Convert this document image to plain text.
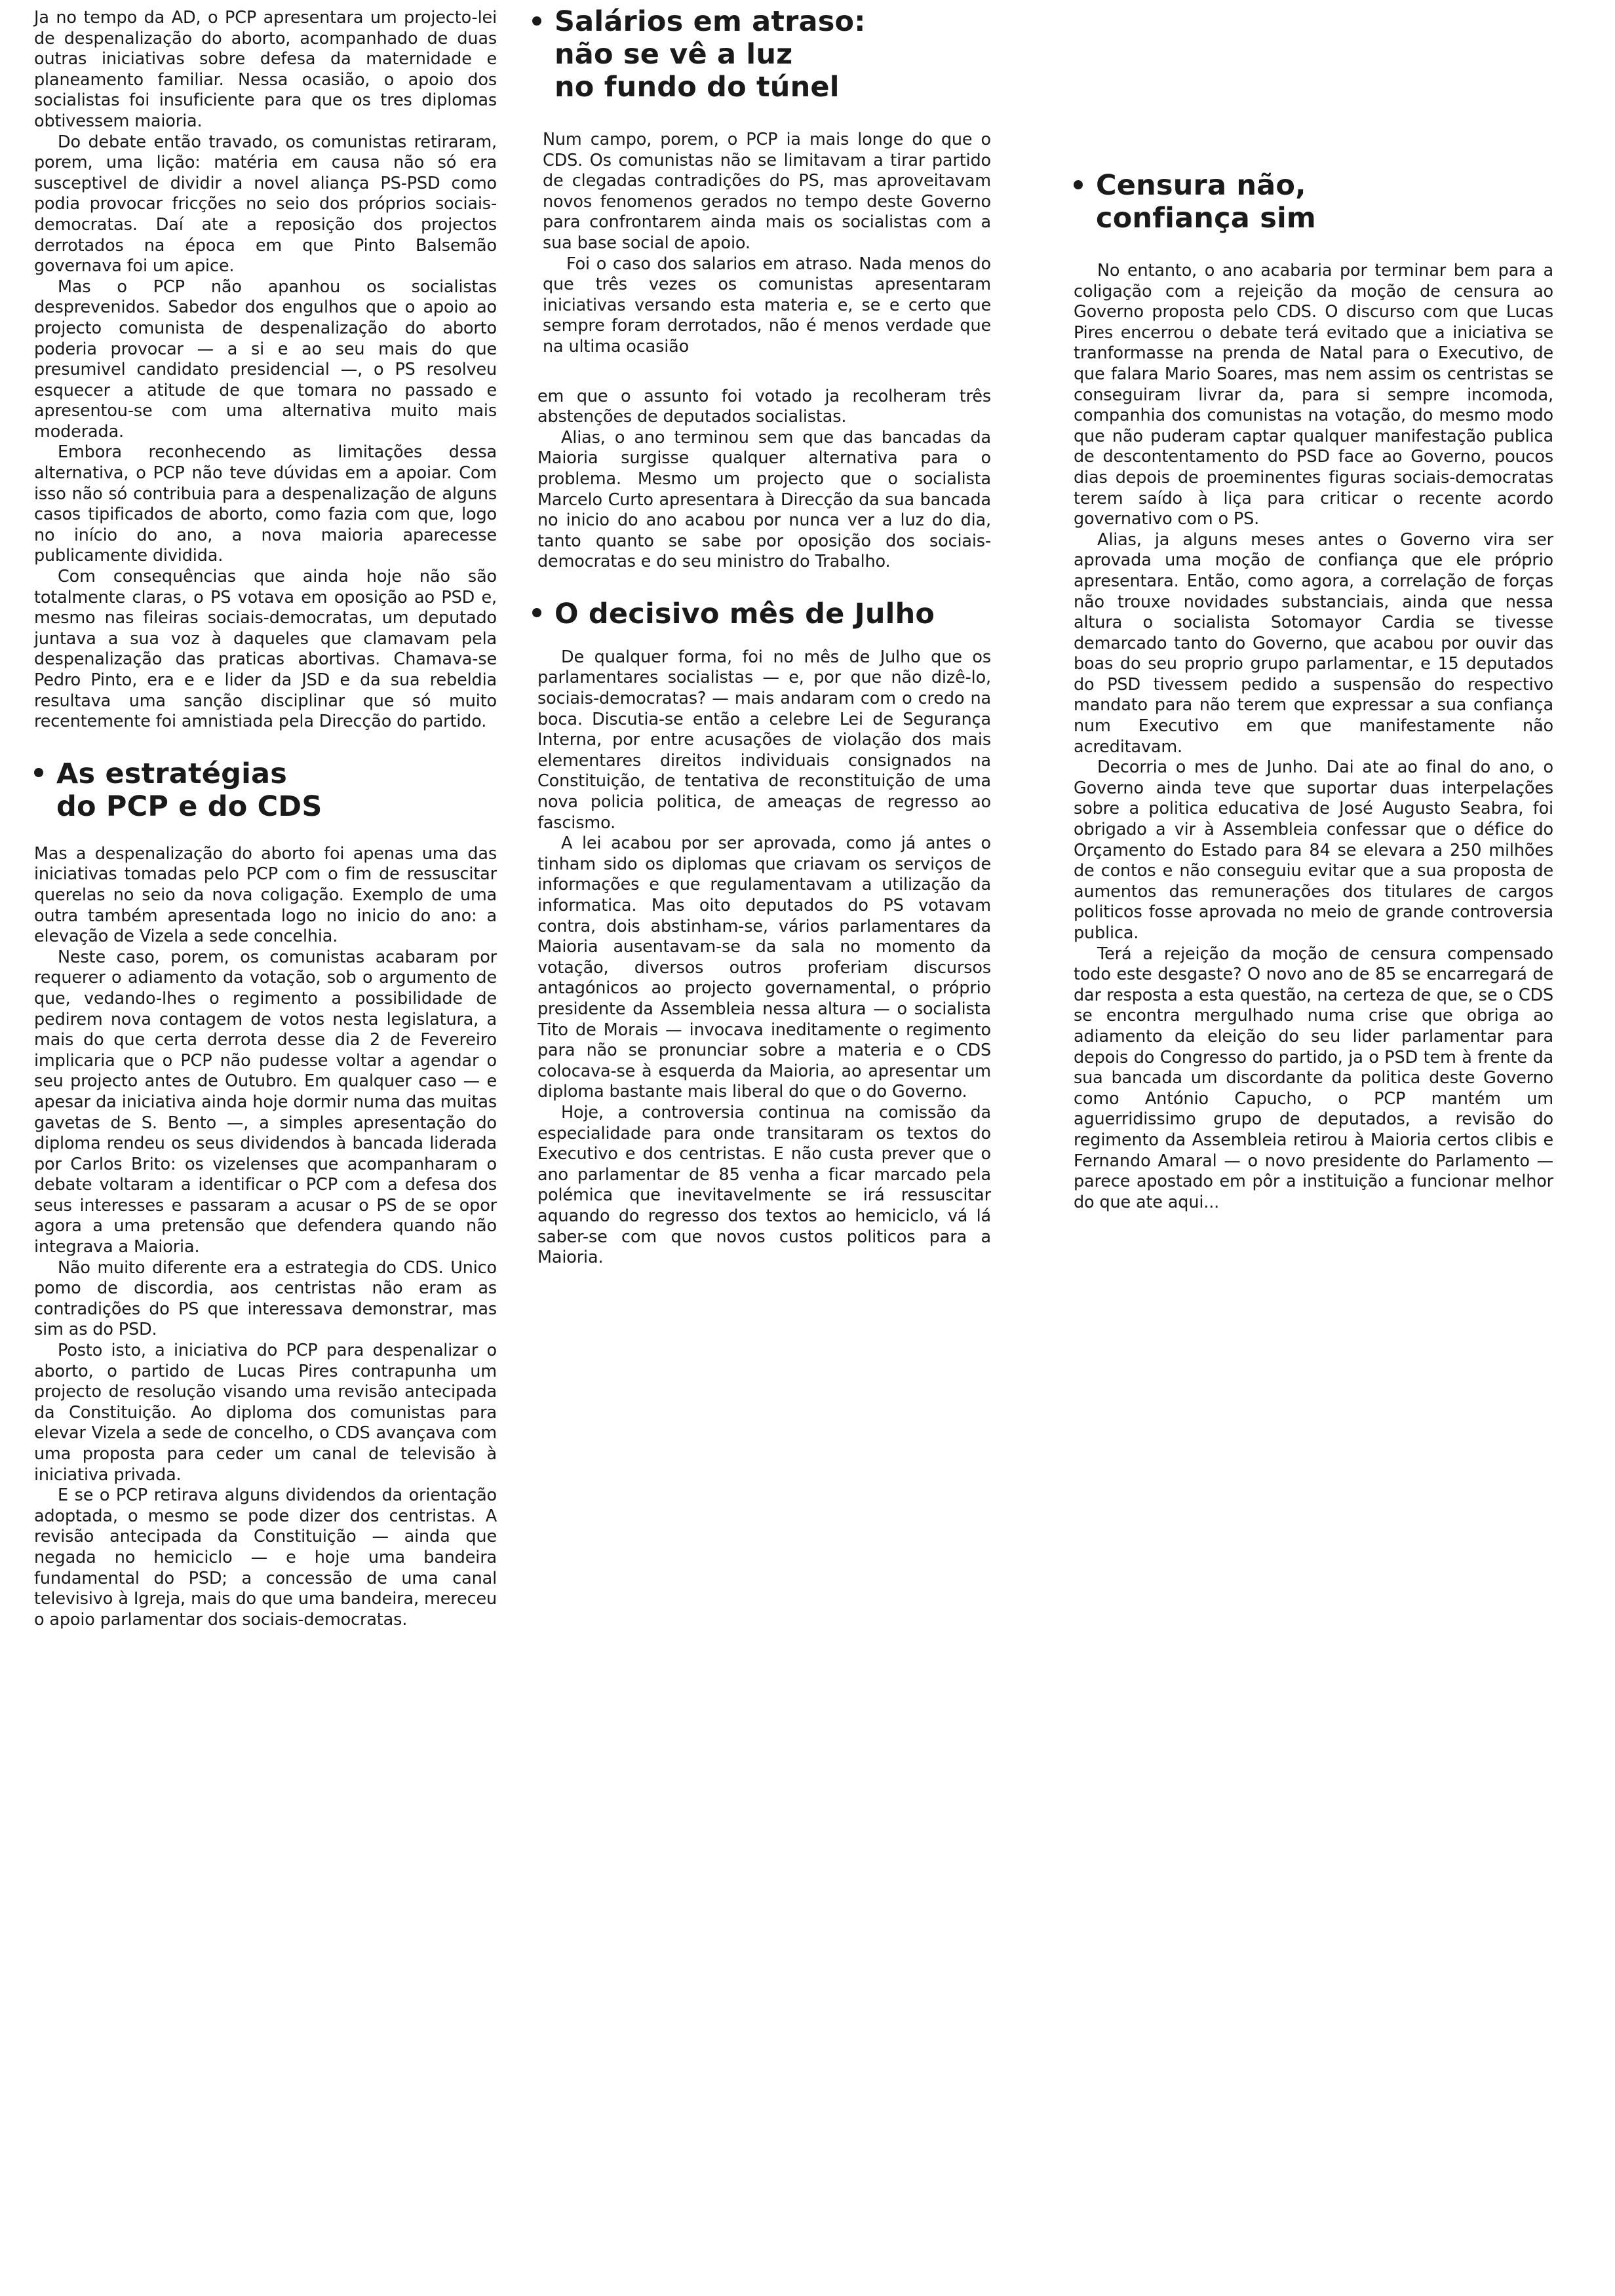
Ja no tempo da AD, o PCP apresentara um projecto-lei de despenalização do aborto, acompanhado de duas outras iniciativas sobre defesa da maternidade e planeamento familiar. Nessa ocasião, o apoio dos socialistas foi insuficiente para que os tres diplomas obtivessem maioria.

Do debate então travado, os comunistas retiraram, porem, uma lição: matéria em causa não só era susceptivel de dividir a novel aliança PS-PSD como podia provocar fricções no seio dos próprios sociais-democratas. Daí ate a reposição dos projectos derrotados na época em que Pinto Balsemão governava foi um apice.

Mas o PCP não apanhou os socialistas desprevenidos. Sabedor dos engulhos que o apoio ao projecto comunista de despenalização do aborto poderia provocar — a si e ao seu mais do que presumivel candidato presidencial —, o PS resolveu esquecer a atitude de que tomara no passado e apresentou-se com uma alternativa muito mais moderada.

Embora reconhecendo as limitações dessa alternativa, o PCP não teve dúvidas em a apoiar. Com isso não só contribuia para a despenalização de alguns casos tipificados de aborto, como fazia com que, logo no início do ano, a nova maioria aparecesse publicamente dividida.

Com consequências que ainda hoje não são totalmente claras, o PS votava em oposição ao PSD e, mesmo nas fileiras sociais-democratas, um deputado juntava a sua voz à daqueles que clamavam pela despenalização das praticas abortivas. Chamava-se Pedro Pinto, era e e lider da JSD e da sua rebeldia resultava uma sanção disciplinar que só muito recentemente foi amnistiada pela Direcção do partido.

As estratégias
do PCP e do CDS

Mas a despenalização do aborto foi apenas uma das iniciativas tomadas pelo PCP com o fim de ressuscitar querelas no seio da nova coligação. Exemplo de uma outra também apresentada logo no inicio do ano: a elevação de Vizela a sede concelhia.

Neste caso, porem, os comunistas acabaram por requerer o adiamento da votação, sob o argumento de que, vedando-lhes o regimento a possibilidade de pedirem nova contagem de votos nesta legislatura, a mais do que certa derrota desse dia 2 de Fevereiro implicaria que o PCP não pudesse voltar a agendar o seu projecto antes de Outubro. Em qualquer caso — e apesar da iniciativa ainda hoje dormir numa das muitas gavetas de S. Bento —, a simples apresentação do diploma rendeu os seus dividendos à bancada liderada por Carlos Brito: os vizelenses que acompanharam o debate voltaram a identificar o PCP com a defesa dos seus interesses e passaram a acusar o PS de se opor agora a uma pretensão que defendera quando não integrava a Maioria.

Não muito diferente era a estrategia do CDS. Unico pomo de discordia, aos centristas não eram as contradições do PS que interessava demonstrar, mas sim as do PSD.

Posto isto, a iniciativa do PCP para despenalizar o aborto, o partido de Lucas Pires contrapunha um projecto de resolução visando uma revisão antecipada da Constituição. Ao diploma dos comunistas para elevar Vizela a sede de concelho, o CDS avançava com uma proposta para ceder um canal de televisão à iniciativa privada.

E se o PCP retirava alguns dividendos da orientação adoptada, o mesmo se pode dizer dos centristas. A revisão antecipada da Constituição — ainda que negada no hemiciclo — e hoje uma bandeira fundamental do PSD; a concessão de uma canal televisivo à Igreja, mais do que uma bandeira, mereceu o apoio parlamentar dos sociais-democratas.

Salários em atraso:
não se vê a luz
no fundo do túnel

Num campo, porem, o PCP ia mais longe do que o CDS. Os comunistas não se limitavam a tirar partido de clegadas contradições do PS, mas aproveitavam novos fenomenos gerados no tempo deste Governo para confrontarem ainda mais os socialistas com a sua base social de apoio.

Foi o caso dos salarios em atraso. Nada menos do que três vezes os comunistas apresentaram iniciativas versando esta materia e, se e certo que sempre foram derrotados, não é menos verdade que na ultima ocasião

em que o assunto foi votado ja recolheram três abstenções de deputados socialistas.

Alias, o ano terminou sem que das bancadas da Maioria surgisse qualquer alternativa para o problema. Mesmo um projecto que o socialista Marcelo Curto apresentara à Direcção da sua bancada no inicio do ano acabou por nunca ver a luz do dia, tanto quanto se sabe por oposição dos sociais-democratas e do seu ministro do Trabalho.

O decisivo mês de Julho

De qualquer forma, foi no mês de Julho que os parlamentares socialistas — e, por que não dizê-lo, sociais-democratas? — mais andaram com o credo na boca. Discutia-se então a celebre Lei de Segurança Interna, por entre acusações de violação dos mais elementares direitos individuais consignados na Constituição, de tentativa de reconstituição de uma nova policia politica, de ameaças de regresso ao fascismo.

A lei acabou por ser aprovada, como já antes o tinham sido os diplomas que criavam os serviços de informações e que regulamentavam a utilização da informatica. Mas oito deputados do PS votavam contra, dois abstinham-se, vários parlamentares da Maioria ausentavam-se da sala no momento da votação, diversos outros proferiam discursos antagónicos ao projecto governamental, o próprio presidente da Assembleia nessa altura — o socialista Tito de Morais — invocava ineditamente o regimento para não se pronunciar sobre a materia e o CDS colocava-se à esquerda da Maioria, ao apresentar um diploma bastante mais liberal do que o do Governo.

Hoje, a controversia continua na comissão da especialidade para onde transitaram os textos do Executivo e dos centristas. E não custa prever que o ano parlamentar de 85 venha a ficar marcado pela polémica que inevitavelmente se irá ressuscitar aquando do regresso dos textos ao hemiciclo, vá lá saber-se com que novos custos politicos para a Maioria.

Censura não,
confiança sim

No entanto, o ano acabaria por terminar bem para a coligação com a rejeição da moção de censura ao Governo proposta pelo CDS. O discurso com que Lucas Pires encerrou o debate terá evitado que a iniciativa se tranformasse na prenda de Natal para o Executivo, de que falara Mario Soares, mas nem assim os centristas se conseguiram livrar da, para si sempre incomoda, companhia dos comunistas na votação, do mesmo modo que não puderam captar qualquer manifestação publica de descontentamento do PSD face ao Governo, poucos dias depois de proeminentes figuras sociais-democratas terem saído à liça para criticar o recente acordo governativo com o PS.

Alias, ja alguns meses antes o Governo vira ser aprovada uma moção de confiança que ele próprio apresentara. Então, como agora, a correlação de forças não trouxe novidades substanciais, ainda que nessa altura o socialista Sotomayor Cardia se tivesse demarcado tanto do Governo, que acabou por ouvir das boas do seu proprio grupo parlamentar, e 15 deputados do PSD tivessem pedido a suspensão do respectivo mandato para não terem que expressar a sua confiança num Executivo em que manifestamente não acreditavam.

Decorria o mes de Junho. Dai ate ao final do ano, o Governo ainda teve que suportar duas interpelações sobre a politica educativa de José Augusto Seabra, foi obrigado a vir à Assembleia confessar que o défice do Orçamento do Estado para 84 se elevara a 250 milhões de contos e não conseguiu evitar que a sua proposta de aumentos das remunerações dos titulares de cargos politicos fosse aprovada no meio de grande controversia publica.

Terá a rejeição da moção de censura compensado todo este desgaste? O novo ano de 85 se encarregará de dar resposta a esta questão, na certeza de que, se o CDS se encontra mergulhado numa crise que obriga ao adiamento da eleição do seu lider parlamentar para depois do Congresso do partido, ja o PSD tem à frente da sua bancada um discordante da politica deste Governo como António Capucho, o PCP mantém um aguerridissimo grupo de deputados, a revisão do regimento da Assembleia retirou à Maioria certos clibis e Fernando Amaral — o novo presidente do Parlamento — parece apostado em pôr a instituição a funcionar melhor do que ate aqui...
